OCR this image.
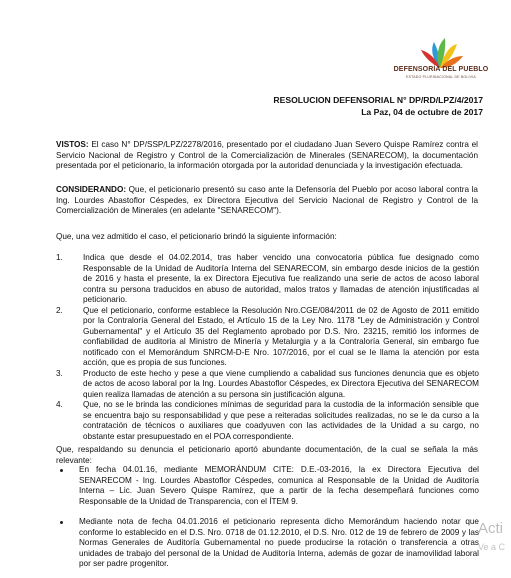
DEFENSORÍA DEL PUEBLO
ESTADO PLURINACIONAL DE BOLIVIA
RESOLUCION DEFENSORIAL N° DP/RD/LPZ/4/2017
La Paz, 04 de octubre de 2017
VISTOS: El caso N° DP/SSP/LPZ/2278/2016, presentado por el ciudadano Juan Severo Quispe Ramírez contra el Servicio Nacional de Registro y Control de la Comercialización de Minerales (SENARECOM), la documentación presentada por el peticionario, la información otorgada por la autoridad denunciada y la investigación efectuada.
CONSIDERANDO: Que, el peticionario presentó su caso ante la Defensoría del Pueblo por acoso laboral contra la Ing. Lourdes Abastoflor Céspedes, ex Directora Ejecutiva del Servicio Nacional de Registro y Control de la Comercialización de Minerales (en adelante "SENARECOM").
Que, una vez admitido el caso, el peticionario brindó la siguiente información:
1. Indica que desde el 04.02.2014, tras haber vencido una convocatoria pública fue designado como Responsable de la Unidad de Auditoría Interna del SENARECOM, sin embargo desde inicios de la gestión de 2016 y hasta el presente, la ex Directora Ejecutiva fue realizando una serie de actos de acoso laboral contra su persona traducidos en abuso de autoridad, malos tratos y llamadas de atención injustificadas al peticionario.
2. Que el peticionario, conforme establece la Resolución Nro.CGE/084/2011 de 02 de Agosto de 2011 emitido por la Contraloría General del Estado, el Artículo 15 de la Ley Nro. 1178 "Ley de Administración y Control Gubernamental" y el Artículo 35 del Reglamento aprobado por D.S. Nro. 23215, remitió los informes de confiabilidad de auditoria al Ministro de Minería y Metalurgia y a la Contraloría General, sin embargo fue notificado con el Memorándum SNRCM-D-E Nro. 107/2016, por el cual se le llama la atención por esta acción, que es propia de sus funciones.
3. Producto de este hecho y pese a que viene cumpliendo a cabalidad sus funciones denuncia que es objeto de actos de acoso laboral por la Ing. Lourdes Abastoflor Céspedes, ex Directora Ejecutiva del SENARECOM quien realiza llamadas de atención a su persona sin justificación alguna.
4. Que, no se le brinda las condiciones mínimas de seguridad para la custodia de la información sensible que se encuentra bajo su responsabilidad y que pese a reiteradas solicitudes realizadas, no se le da curso a la contratación de técnicos o auxiliares que coadyuven con las actividades de la Unidad a su cargo, no obstante estar presupuestado en el POA correspondiente.
Que, respaldando su denuncia el peticionario aportó abundante documentación, de la cual se señala la más relevante:
En fecha 04.01.16, mediante MEMORÁNDUM CITE: D.E.-03-2016, la ex Directora Ejecutiva del SENARECOM - Ing. Lourdes Abastoflor Céspedes, comunica al Responsable de la Unidad de Auditoría Interna – Lic. Juan Severo Quispe Ramírez, que a partir de la fecha desempeñará funciones como Responsable de la Unidad de Transparencia, con el ÍTEM 9.
Mediante nota de fecha 04.01.2016 el peticionario representa dicho Memorándum haciendo notar que conforme lo establecido en el D.S. Nro. 0718 de 01.12.2010, el D.S. Nro. 012 de 19 de febrero de 2009 y las Normas Generales de Auditoría Gubernamental no puede producirse la rotación o transferencia a otras unidades de trabajo del personal de la Unidad de Auditoría Interna, además de gozar de inamovilidad laboral por ser padre progenitor.
Acti
Ve a C
